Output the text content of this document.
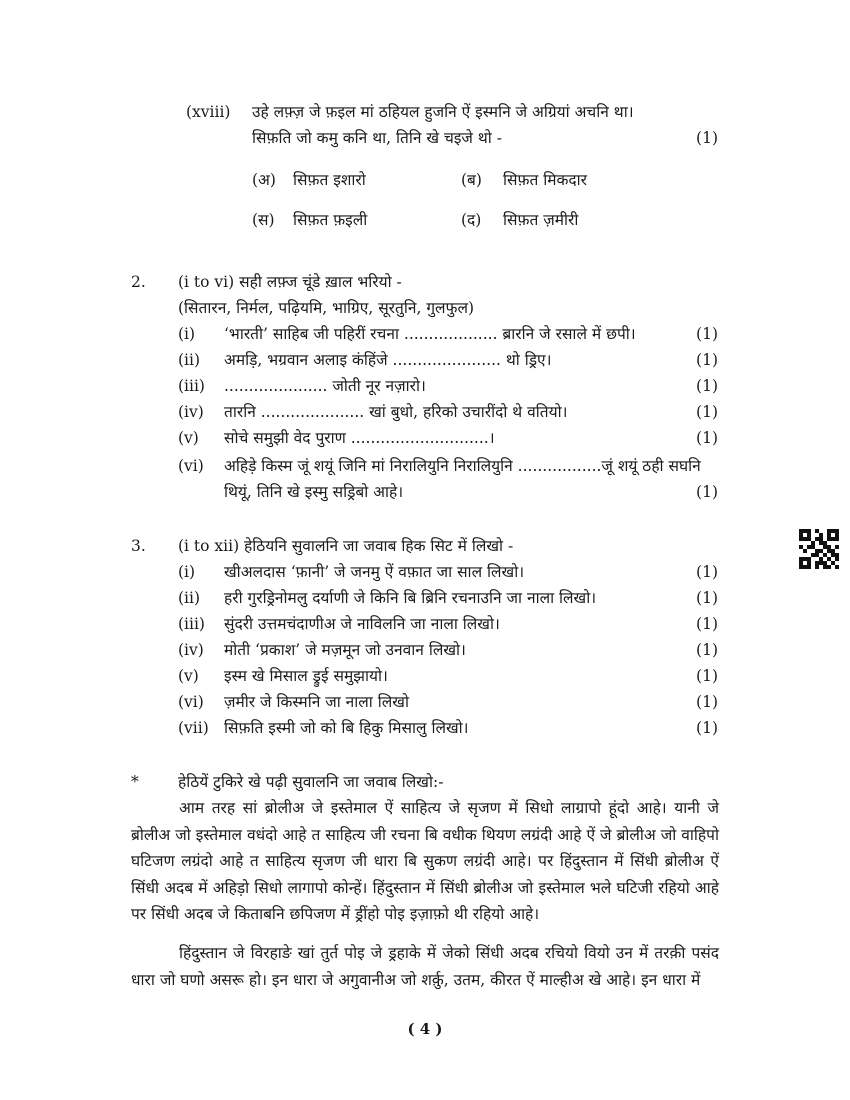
(xviii) उहे लफ़्ज़ जे फ़इल मां ठहियल हुजनि ऐं इस्मनि जे अग्रियां अचनि था।
सिफ़ति जो कमु कनि था, तिनि खे चइजे थो -	(1)
(अ) सिफ़त इशारो	(ब) सिफ़त मिकदार
(स) सिफ़त फ़इली	(द) सिफ़त ज़मीरी
2. (i to vi) सही लफ़्ज चूंडे ख़ाल भरियो -
(सितारन, निर्मल, पढ़ियमि, भाग्रिए, सूरतुनि, गुलफुल)
(i) ‘भारती’ साहिब जी पहिरीं रचना ................... ब्रारनि जे रसाले में छपी।	(1)
(ii) अमड़ि, भग्रवान अलाइ कंहिंजे ...................... थो ड्रिए।	(1)
(iii) ..................... जोती नूर नज़ारो।	(1)
(iv) तारनि ..................... खां बुधो, हरिको उचारींदो थे वतियो।	(1)
(v) सोचे समुझी वेद पुराण ............................।	(1)
(vi) अहिड़े किस्म जूं शयूं जिनि मां निरालियुनि निरालियुनि .................जूं शयूं ठही सघनि
थियूं, तिनि खे इस्मु सड्रिबो आहे।	(1)
3. (i to xii) हेठियनि सुवालनि जा जवाब हिक सिट में लिखो -
(i) खीअलदास ‘फ़ानी’ जे जनमु ऐं वफ़ात जा साल लिखो।	(1)
(ii) हरी गुरड्रिनोमलु दर्याणी जे किनि बि ब्रिनि रचनाउनि जा नाला लिखो।	(1)
(iii) सुंदरी उत्तमचंदाणीअ जे नाविलनि जा नाला लिखो।	(1)
(iv) मोती ‘प्रकाश’ जे मज़मून जो उनवान लिखो।	(1)
(v) इस्म खे मिसाल ड्रुई समुझायो।	(1)
(vi) ज़मीर जे किस्मनि जा नाला लिखो	(1)
(vii) सिफ़ति इस्मी जो को बि हिकु मिसालु लिखो।	(1)
*	हेठियें टुकिरे खे पढ़ी सुवालनि जा जवाब लिखो:-

आम तरह सां ब्रोलीअ जे इस्तेमाल ऐं साहित्य जे सृजण में सिधो लाग्रापो हूंदो आहे। यानी जे ब्रोलीअ जो इस्तेमाल वधंदो आहे त साहित्य जी रचना बि वधीक थियण लग्रंदी आहे ऐं जे ब्रोलीअ जो वाहिपो घटिजण लग्रंदो आहे त साहित्य सृजण जी धारा बि सुकण लग्रंदी आहे। पर हिंदुस्तान में सिंधी ब्रोलीअ ऐं सिंधी अदब में अहिड़ो सिधो लागापो कोन्हें। हिंदुस्तान में सिंधी ब्रोलीअ जो इस्तेमाल भले घटिजी रहियो आहे पर सिंधी अदब जे किताबनि छपिजण में ड्रींहो पोइ इज़ाफ़ो थी रहियो आहे।

हिंदुस्तान जे विरहाङे खां तुर्त पोइ जे ड्रहाके में जेको सिंधी अदब रचियो वियो उन में तरक़ी पसंद धारा जो घणो असरू हो। इन धारा जे अगुवानीअ जो शर्क़ु, उतम, कीरत ऐं माल्हीअ खे आहे। इन धारा में

( 4 )
